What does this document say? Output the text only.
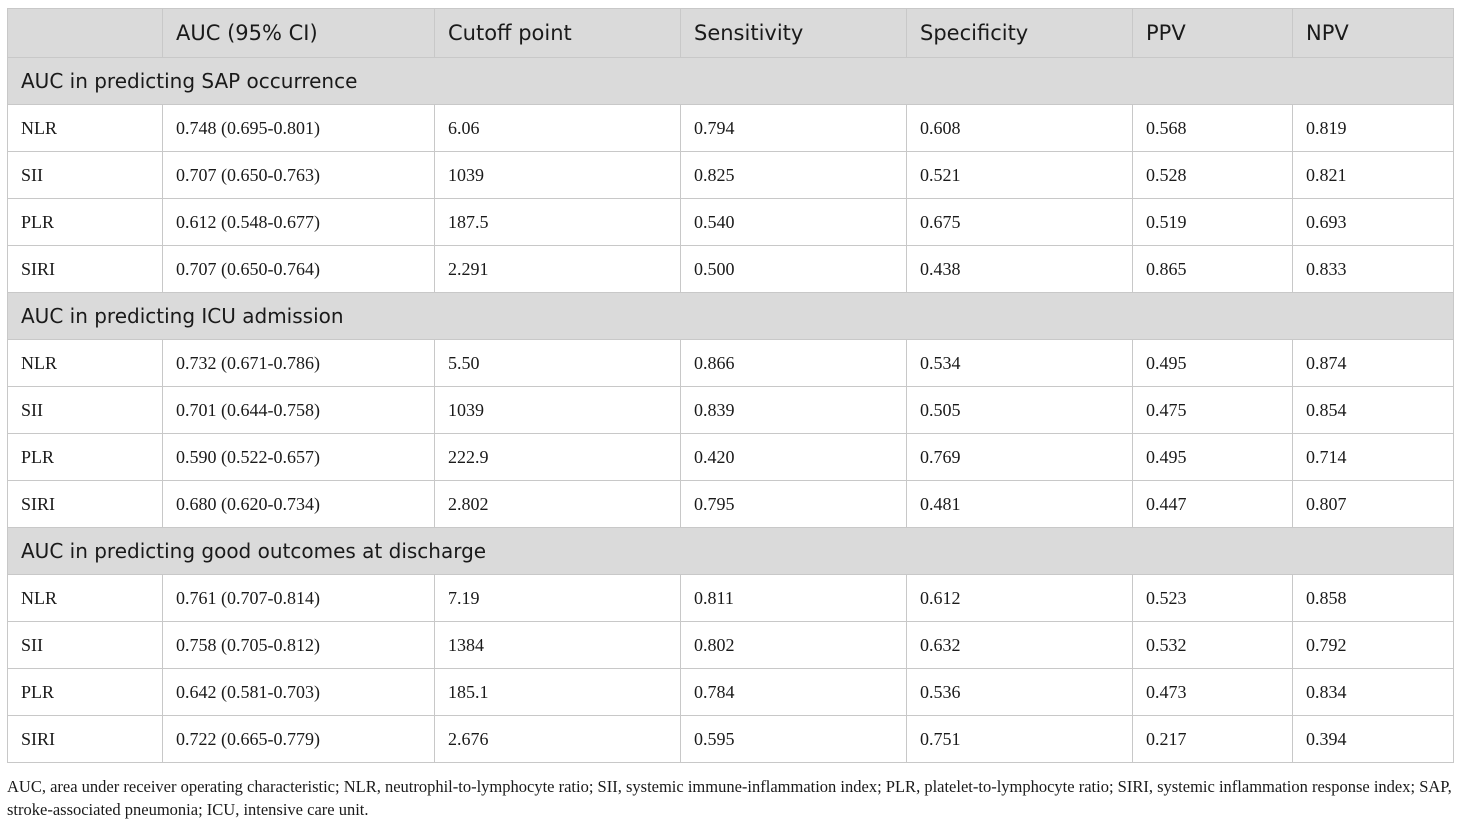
	AUC (95% CI)	Cutoff point	Sensitivity	Specificity	PPV	NPV
AUC in predicting SAP occurrence						
NLR	0.748 (0.695-0.801)	6.06	0.794	0.608	0.568	0.819
SII	0.707 (0.650-0.763)	1039	0.825	0.521	0.528	0.821
PLR	0.612 (0.548-0.677)	187.5	0.540	0.675	0.519	0.693
SIRI	0.707 (0.650-0.764)	2.291	0.500	0.438	0.865	0.833
AUC in predicting ICU admission						
NLR	0.732 (0.671-0.786)	5.50	0.866	0.534	0.495	0.874
SII	0.701 (0.644-0.758)	1039	0.839	0.505	0.475	0.854
PLR	0.590 (0.522-0.657)	222.9	0.420	0.769	0.495	0.714
SIRI	0.680 (0.620-0.734)	2.802	0.795	0.481	0.447	0.807
AUC in predicting good outcomes at discharge						
NLR	0.761 (0.707-0.814)	7.19	0.811	0.612	0.523	0.858
SII	0.758 (0.705-0.812)	1384	0.802	0.632	0.532	0.792
PLR	0.642 (0.581-0.703)	185.1	0.784	0.536	0.473	0.834
SIRI	0.722 (0.665-0.779)	2.676	0.595	0.751	0.217	0.394
AUC, area under receiver operating characteristic; NLR, neutrophil-to-lymphocyte ratio; SII, systemic immune-inflammation index; PLR, platelet-to-lymphocyte ratio; SIRI, systemic inflammation response index; SAP, stroke-associated pneumonia; ICU, intensive care unit.
